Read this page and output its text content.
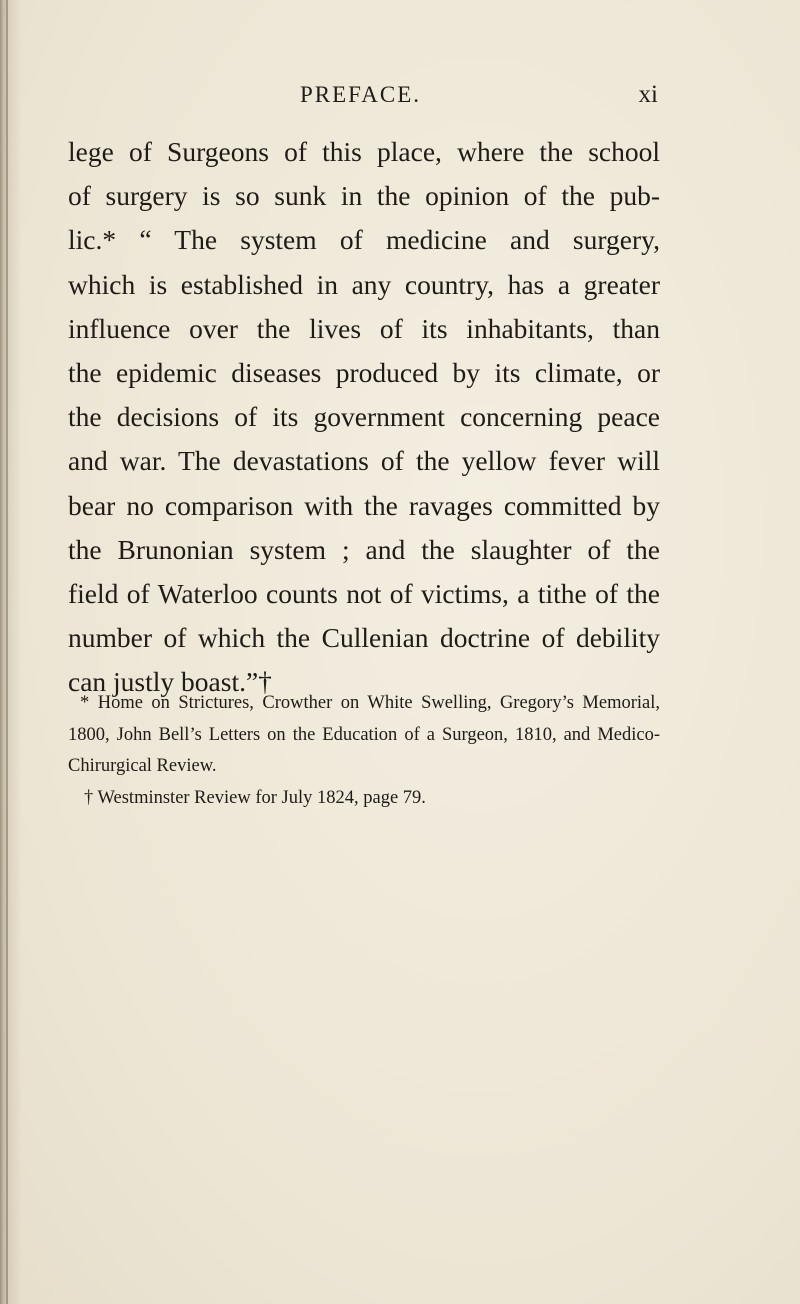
PREFACE.	xi
lege of Surgeons of this place, where the school
of surgery is so sunk in the opinion of the pub-
lic.* “ The system of medicine and surgery,
which is established in any country, has a greater
influence over the lives of its inhabitants, than
the epidemic diseases produced by its climate, or
the decisions of its government concerning peace
and war. The devastations of the yellow fever will
bear no comparison with the ravages committed by
the Brunonian system ; and the slaughter of the
field of Waterloo counts not of victims, a tithe of the
number of which the Cullenian doctrine of debility
can justly boast.”†
* Home on Strictures, Crowther on White Swelling, Gregory’s Memorial,
1800, John Bell’s Letters on the Education of a Surgeon, 1810, and Medico-
Chirurgical Review.
† Westminster Review for July 1824, page 79.
